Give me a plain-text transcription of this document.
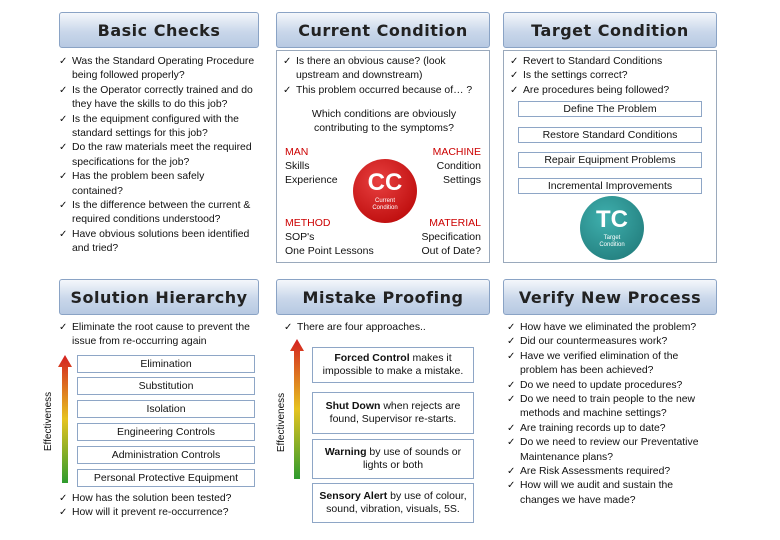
Basic Checks
✓ Was the Standard Operating Procedure being followed properly?
✓ Is the Operator correctly trained and do they have the skills to do this job?
✓ Is the equipment configured with the standard settings for this job?
✓ Do the raw materials meet the required specifications for the job?
✓ Has the problem been safely contained?
✓ Is the difference between the current & required conditions understood?
✓ Have obvious solutions been identified and tried?
Current Condition
✓ Is there an obvious cause? (look upstream and downstream)
✓ This problem occurred because of… ?
Which conditions are obviously contributing to the symptoms?
MAN
Skills
Experience
MACHINE
Condition
Settings
METHOD
SOP's
One Point Lessons
MATERIAL
Specification
Out of Date?
CC
Current Condition
Target Condition
✓ Revert to Standard Conditions
✓ Is the settings correct?
✓ Are procedures being followed?
Define The Problem
Restore Standard Conditions
Repair Equipment Problems
Incremental Improvements
TC
Target Condition
Solution Hierarchy
✓ Eliminate the root cause to prevent the issue from re-occurring again
Effectiveness
Elimination
Substitution
Isolation
Engineering Controls
Administration Controls
Personal Protective Equipment
✓ How has the solution been tested?
✓ How will it prevent re-occurrence?
Mistake Proofing
✓ There are four approaches..
Effectiveness
Forced Control makes it impossible to make a mistake.
Shut Down when rejects are found, Supervisor re-starts.
Warning by use of sounds or lights or both
Sensory Alert by use of colour, sound, vibration, visuals, 5S.
Verify New Process
✓ How have we eliminated the problem?
✓ Did our countermeasures work?
✓ Have we verified elimination of the problem has been achieved?
✓ Do we need to update procedures?
✓ Do we need to train people to the new methods and machine settings?
✓ Are training records up to date?
✓ Do we need to review our Preventative Maintenance plans?
✓ Are Risk Assessments required?
✓ How will we audit and sustain the changes we have made?
